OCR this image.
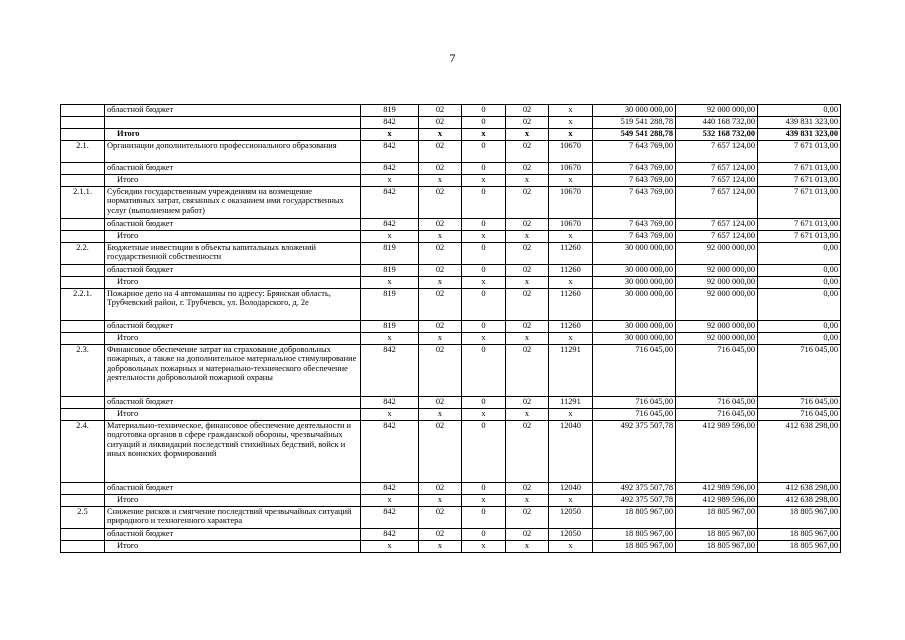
7
	областной бюджет	819	02	0	02	x	30 000 000,00	92 000 000,00	0,00
		842	02	0	02	x	519 541 288,78	440 168 732,00	439 831 323,00
	Итого	x	x	x	x	x	549 541 288,78	532 168 732,00	439 831 323,00
2.1.	Организации дополнительного профессионального образования	842	02	0	02	10670	7 643 769,00	7 657 124,00	7 671 013,00
	областной бюджет	842	02	0	02	10670	7 643 769,00	7 657 124,00	7 671 013,00
	Итого	x	x	x	x	x	7 643 769,00	7 657 124,00	7 671 013,00
2.1.1.	Субсидии государственным учреждениям на возмещение нормативных затрат, связанных с оказанием ими государственных услуг (выполнением работ)	842	02	0	02	10670	7 643 769,00	7 657 124,00	7 671 013,00
	областной бюджет	842	02	0	02	10670	7 643 769,00	7 657 124,00	7 671 013,00
	Итого	x	x	x	x	x	7 643 769,00	7 657 124,00	7 671 013,00
2.2.	Бюджетные инвестиции в объекты капитальных вложений государственной собственности	819	02	0	02	11260	30 000 000,00	92 000 000,00	0,00
	областной бюджет	819	02	0	02	11260	30 000 000,00	92 000 000,00	0,00
	Итого	x	x	x	x	x	30 000 000,00	92 000 000,00	0,00
2.2.1.	Пожарное депо на 4 автомашины по адресу: Брянская область, Трубчевский район, г. Трубчевск, ул. Володарского, д. 2е	819	02	0	02	11260	30 000 000,00	92 000 000,00	0,00
	областной бюджет	819	02	0	02	11260	30 000 000,00	92 000 000,00	0,00
	Итого	x	x	x	x	x	30 000 000,00	92 000 000,00	0,00
2.3.	Финансовое обеспечение затрат на страхование добровольных пожарных, а также на дополнительное материальное стимулирование добровольных пожарных и материально-технического обеспечение деятельности добровольной пожарной охраны	842	02	0	02	11291	716 045,00	716 045,00	716 045,00
	областной бюджет	842	02	0	02	11291	716 045,00	716 045,00	716 045,00
	Итого	x	x	x	x	x	716 045,00	716 045,00	716 045,00
2.4.	Материально-техническое, финансовое обеспечение деятельности и подготовка органов в сфере гражданской обороны, чрезвычайных ситуаций и ликвидации последствий стихийных бедствий, войск и иных воинских формирований	842	02	0	02	12040	492 375 507,78	412 989 596,00	412 638 298,00
	областной бюджет	842	02	0	02	12040	492 375 507,78	412 989 596,00	412 638 298,00
	Итого	x	x	x	x	x	492 375 507,78	412 989 596,00	412 638 298,00
2.5	Снижение рисков и смягчение последствий чрезвычайных ситуаций природного и техногенного характера	842	02	0	02	12050	18 805 967,00	18 805 967,00	18 805 967,00
	областной бюджет	842	02	0	02	12050	18 805 967,00	18 805 967,00	18 805 967,00
	Итого	x	x	x	x	x	18 805 967,00	18 805 967,00	18 805 967,00
